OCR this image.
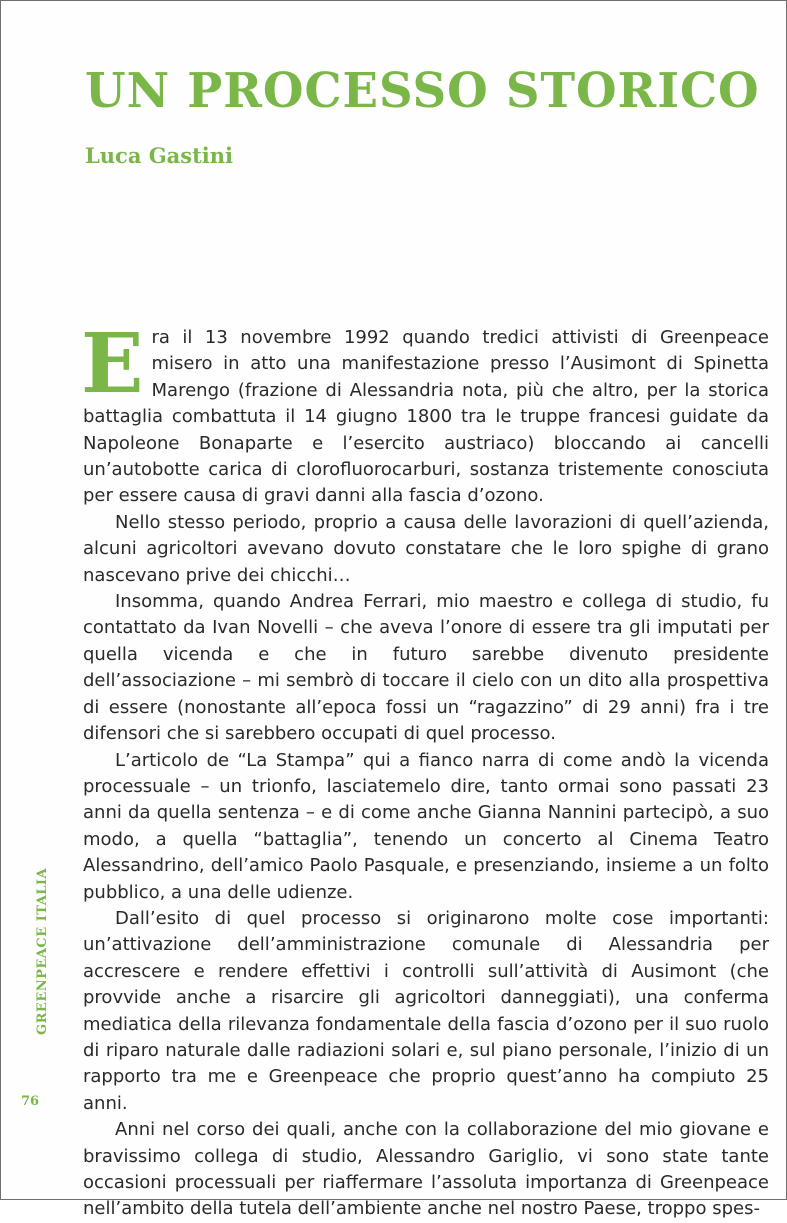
UN PROCESSO STORICO
Luca Gastini

Era il 13 novembre 1992 quando tredici attivisti di Greenpeace misero in atto una manifestazione presso l’Ausimont di Spinetta Marengo (frazione di Alessandria nota, più che altro, per la storica battaglia combattuta il 14 giugno 1800 tra le truppe francesi guidate da Napoleone Bonaparte e l’esercito austriaco) bloccando ai cancelli un’autobotte carica di clorofluorocarburi, sostanza tristemente conosciuta per essere causa di gravi danni alla fascia d’ozono.

Nello stesso periodo, proprio a causa delle lavorazioni di quell’azienda, alcuni agricoltori avevano dovuto constatare che le loro spighe di grano nascevano prive dei chicchi…

Insomma, quando Andrea Ferrari, mio maestro e collega di studio, fu contattato da Ivan Novelli – che aveva l’onore di essere tra gli imputati per quella vicenda e che in futuro sarebbe divenuto presidente dell’associazione – mi sembrò di toccare il cielo con un dito alla prospettiva di essere (nonostante all’epoca fossi un “ragazzino” di 29 anni) fra i tre difensori che si sarebbero occupati di quel processo.

L’articolo de “La Stampa” qui a fianco narra di come andò la vicenda processuale – un trionfo, lasciatemelo dire, tanto ormai sono passati 23 anni da quella sentenza – e di come anche Gianna Nannini partecipò, a suo modo, a quella “battaglia”, tenendo un concerto al Cinema Teatro Alessandrino, dell’amico Paolo Pasquale, e presenziando, insieme a un folto pubblico, a una delle udienze.

Dall’esito di quel processo si originarono molte cose importanti: un’attivazione dell’amministrazione comunale di Alessandria per accrescere e rendere effettivi i controlli sull’attività di Ausimont (che provvide anche a risarcire gli agricoltori danneggiati), una conferma mediatica della rilevanza fondamentale della fascia d’ozono per il suo ruolo di riparo naturale dalle radiazioni solari e, sul piano personale, l’inizio di un rapporto tra me e Greenpeace che proprio quest’anno ha compiuto 25 anni.

Anni nel corso dei quali, anche con la collaborazione del mio giovane e bravissimo collega di studio, Alessandro Gariglio, vi sono state tante occasioni processuali per riaffermare l’assoluta importanza di Greenpeace nell’ambito della tutela dell’ambiente anche nel nostro Paese, troppo spes-

GREENPEACE ITALIA
76
